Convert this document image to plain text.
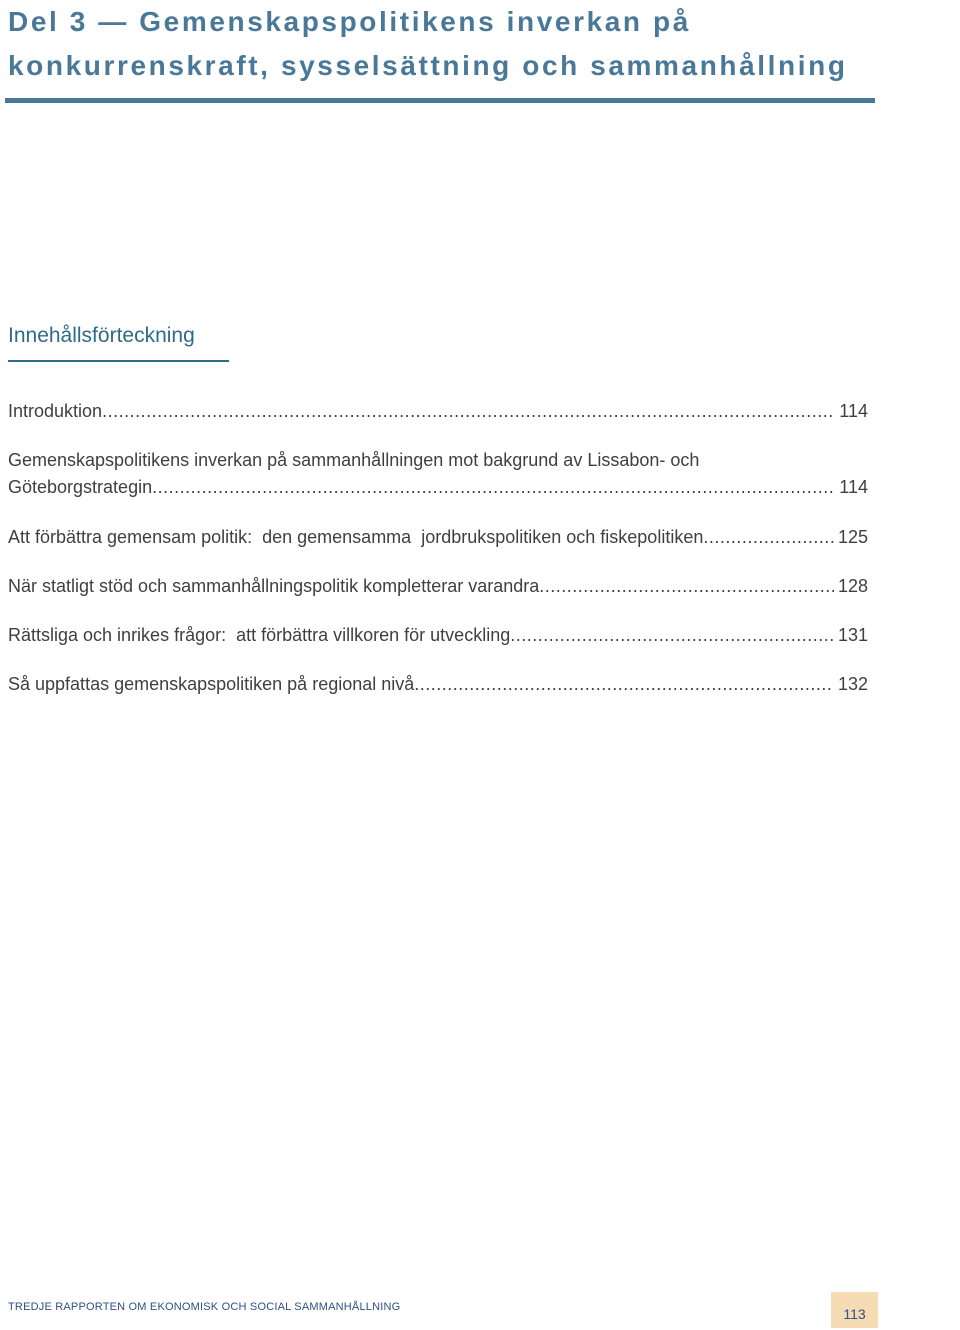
Del 3 — Gemenskapspolitikens inverkan på konkurrenskraft, sysselsättning och sammanhållning
Innehållsförteckning
Introduktion .....	114
Gemenskapspolitikens inverkan på sammanhållningen mot bakgrund av Lissabon- och
Göteborgstrategin .....	114
Att förbättra gemensam politik:  den gemensamma  jordbrukspolitiken och fiskepolitiken .....	125
När statligt stöd och sammanhållningspolitik kompletterar varandra .....	128
Rättsliga och inrikes frågor:  att förbättra villkoren för utveckling .....	131
Så uppfattas gemenskapspolitiken på regional nivå .....	132
TREDJE RAPPORTEN OM EKONOMISK OCH SOCIAL SAMMANHÅLLNING	113
